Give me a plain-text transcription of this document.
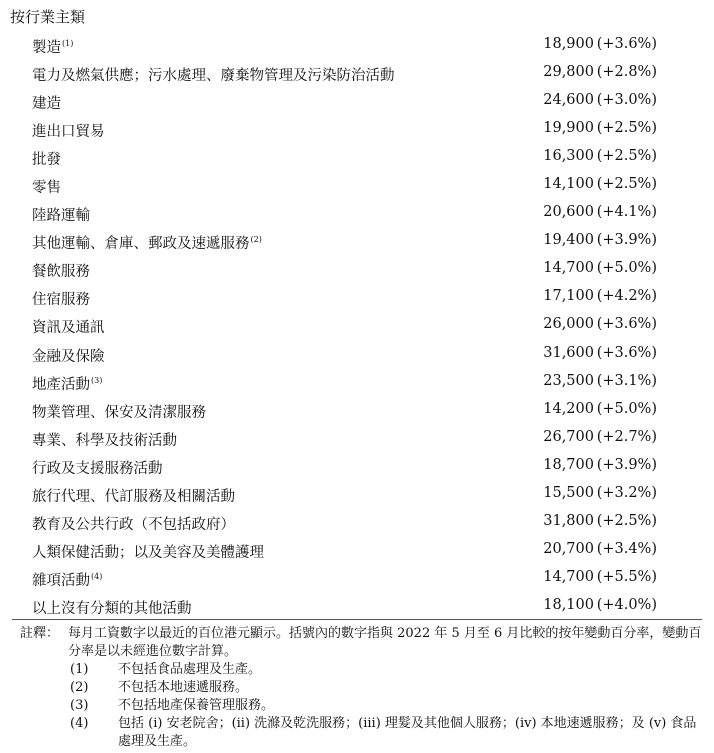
按行業主類
製造$^{(1)}$	18,900 (+3.6%)
電力及燃氣供應；污水處理、廢棄物管理及污染防治活動	29,800 (+2.8%)
建造	24,600 (+3.0%)
進出口貿易	19,900 (+2.5%)
批發	16,300 (+2.5%)
零售	14,100 (+2.5%)
陸路運輸	20,600 (+4.1%)
其他運輸、倉庫、郵政及速遞服務$^{(2)}$	19,400 (+3.9%)
餐飲服務	14,700 (+5.0%)
住宿服務	17,100 (+4.2%)
資訊及通訊	26,000 (+3.6%)
金融及保險	31,600 (+3.6%)
地產活動$^{(3)}$	23,500 (+3.1%)
物業管理、保安及清潔服務	14,200 (+5.0%)
專業、科學及技術活動	26,700 (+2.7%)
行政及支援服務活動	18,700 (+3.9%)
旅行代理、代訂服務及相關活動	15,500 (+3.2%)
教育及公共行政（不包括政府）	31,800 (+2.5%)
人類保健活動；以及美容及美體護理	20,700 (+3.4%)
雜項活動$^{(4)}$	14,700 (+5.5%)
以上沒有分類的其他活動	18,100 (+4.0%)
註釋： 每月工資數字以最近的百位港元顯示。括號內的數字指與 2022 年 5 月至 6 月比較的按年變動百分率，變動百分率是以未經進位數字計算。
(1) 不包括食品處理及生產。
(2) 不包括本地速遞服務。
(3) 不包括地產保養管理服務。
(4) 包括 (i) 安老院舍；(ii) 洗滌及乾洗服務；(iii) 理髮及其他個人服務；(iv) 本地速遞服務；及 (v) 食品處理及生產。
